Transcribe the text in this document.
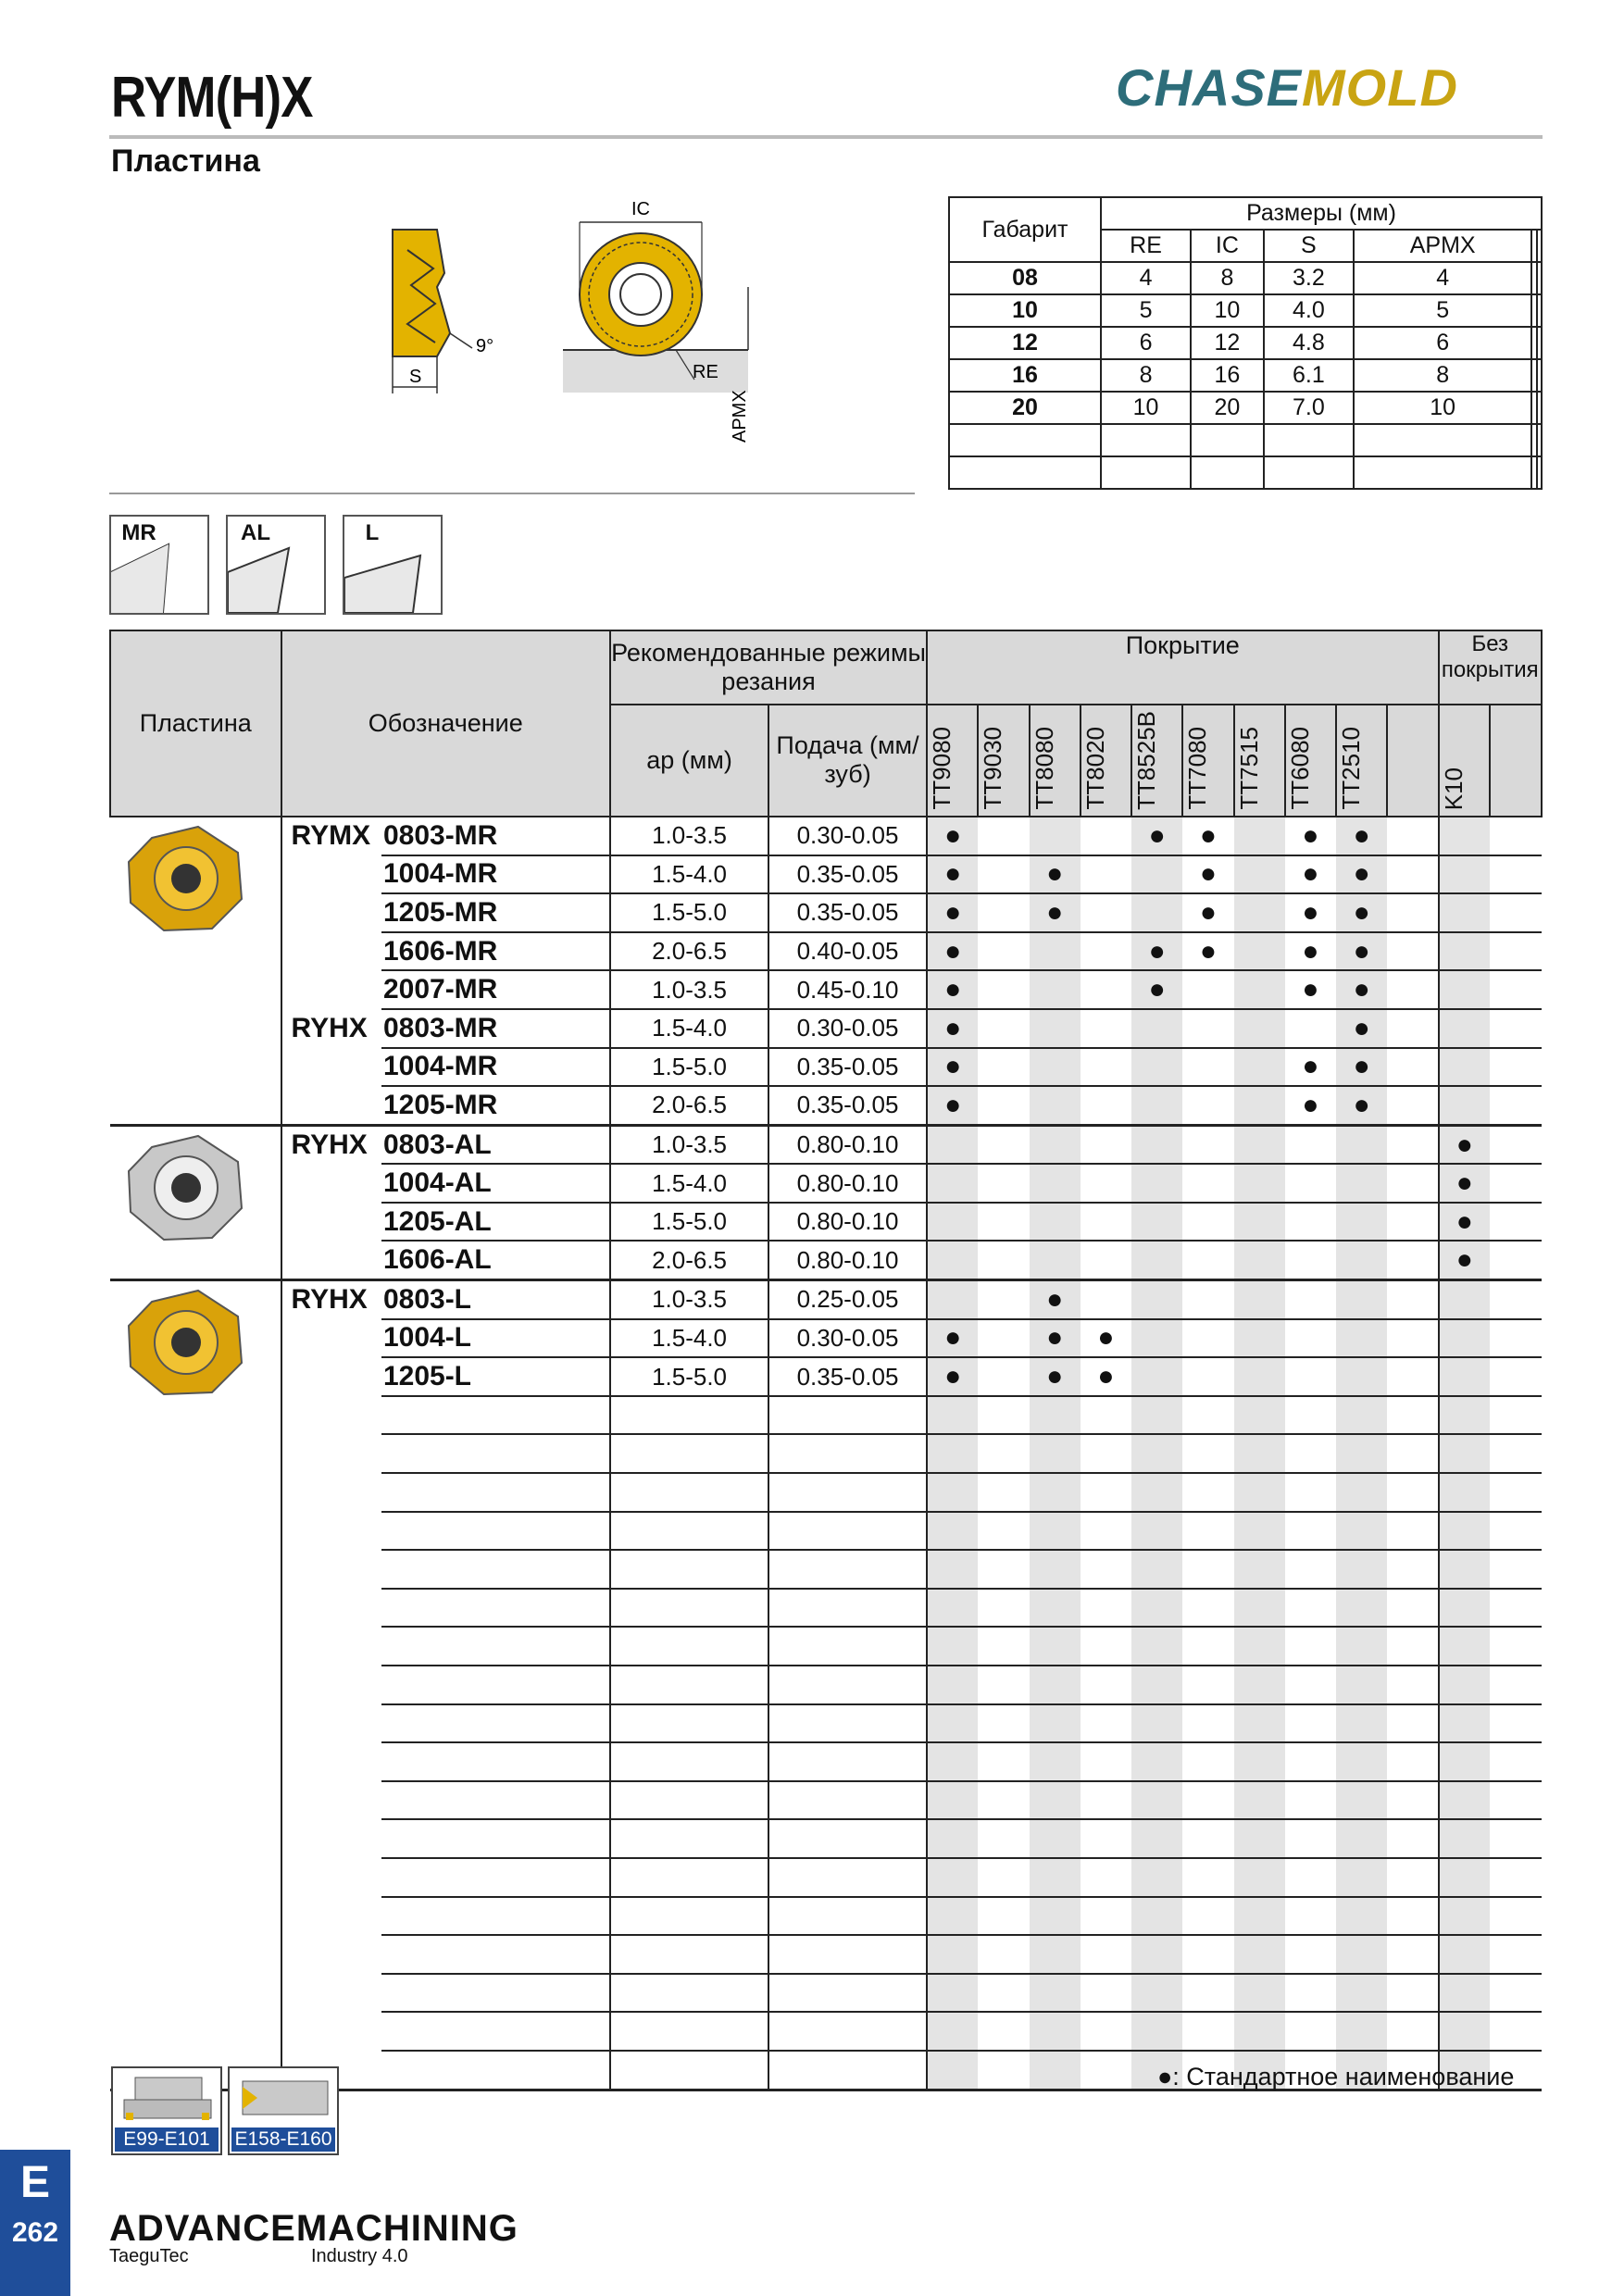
RYM(H)X
Пластина
CHASEMOLD
S
9°
IC
RE
APMX
Габарит	Размеры (мм)					
	RE	IC	S	APMX		
08	4	8	3.2	4		
10	5	10	4.0	5		
12	6	12	4.8	6		
16	8	16	6.1	8		
20	10	20	7.0	10		

MR	AL	L
Пластина	Обозначение		Рекомендованные режимы резания		Покрытие										Без покрытия	
			ap (мм)	Подача (мм/зуб)	TT9080	TT9030	TT8080	TT8020	TT8525B	TT7080	TT7515	TT6080	TT2510		K10	

	RYMX	0803-MR	1.0-3.5	0.30-0.05	●				●	●		●	●			
		1004-MR	1.5-4.0	0.35-0.05	●		●			●		●	●			
		1205-MR	1.5-5.0	0.35-0.05	●		●			●		●	●			
		1606-MR	2.0-6.5	0.40-0.05	●				●	●		●	●			
		2007-MR	1.0-3.5	0.45-0.10	●				●			●	●			
	RYHX	0803-MR	1.5-4.0	0.30-0.05	●								●			
		1004-MR	1.5-5.0	0.35-0.05	●							●	●			
		1205-MR	2.0-6.5	0.35-0.05	●							●	●			
	RYHX	0803-AL	1.0-3.5	0.80-0.10											●	
		1004-AL	1.5-4.0	0.80-0.10											●	
		1205-AL	1.5-5.0	0.80-0.10											●	
		1606-AL	2.0-6.5	0.80-0.10											●	
	RYHX	0803-L	1.0-3.5	0.25-0.05			●									
		1004-L	1.5-4.0	0.30-0.05	●		●	●								
		1205-L	1.5-5.0	0.35-0.05	●		●	●								

●: Стандартное наименование
E99-E101	E158-E160
E
262	ADVANCEMACHINING
TaeguTec	Industry 4.0
